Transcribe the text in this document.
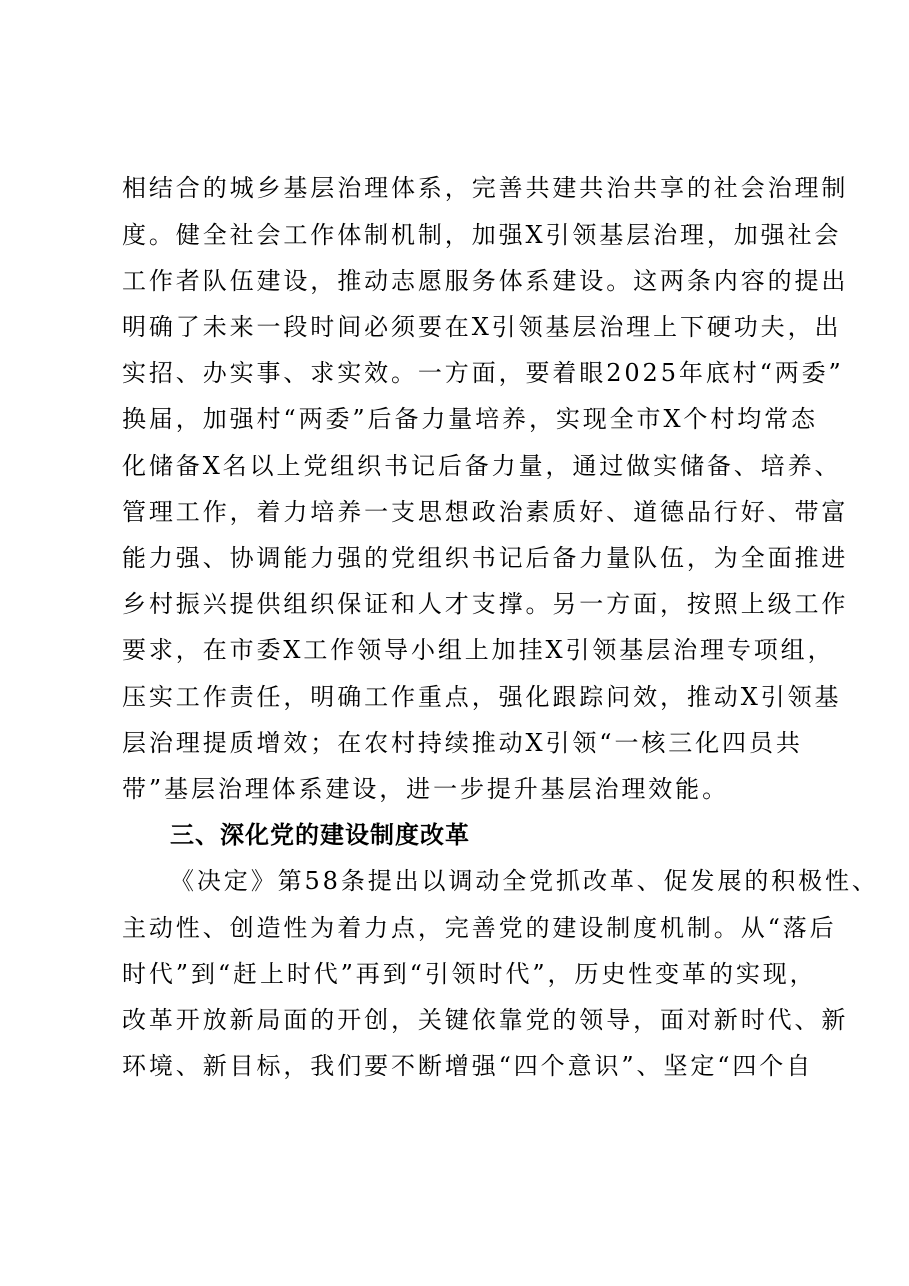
相结合的城乡基层治理体系，完善共建共治共享的社会治理制
度。健全社会工作体制机制，加强X引领基层治理，加强社会
工作者队伍建设，推动志愿服务体系建设。这两条内容的提出
明确了未来一段时间必须要在X引领基层治理上下硬功夫，出
实招、办实事、求实效。一方面，要着眼2025年底村“两委”
换届，加强村“两委”后备力量培养，实现全市X个村均常态
化储备X名以上党组织书记后备力量，通过做实储备、培养、
管理工作，着力培养一支思想政治素质好、道德品行好、带富
能力强、协调能力强的党组织书记后备力量队伍，为全面推进
乡村振兴提供组织保证和人才支撑。另一方面，按照上级工作
要求，在市委X工作领导小组上加挂X引领基层治理专项组，
压实工作责任，明确工作重点，强化跟踪问效，推动X引领基
层治理提质增效；在农村持续推动X引领“一核三化四员共
带”基层治理体系建设，进一步提升基层治理效能。
三、深化党的建设制度改革
《决定》第58条提出以调动全党抓改革、促发展的积极性、
主动性、创造性为着力点，完善党的建设制度机制。从“落后
时代”到“赶上时代”再到“引领时代”，历史性变革的实现，
改革开放新局面的开创，关键依靠党的领导，面对新时代、新
环境、新目标，我们要不断增强“四个意识”、坚定“四个自
